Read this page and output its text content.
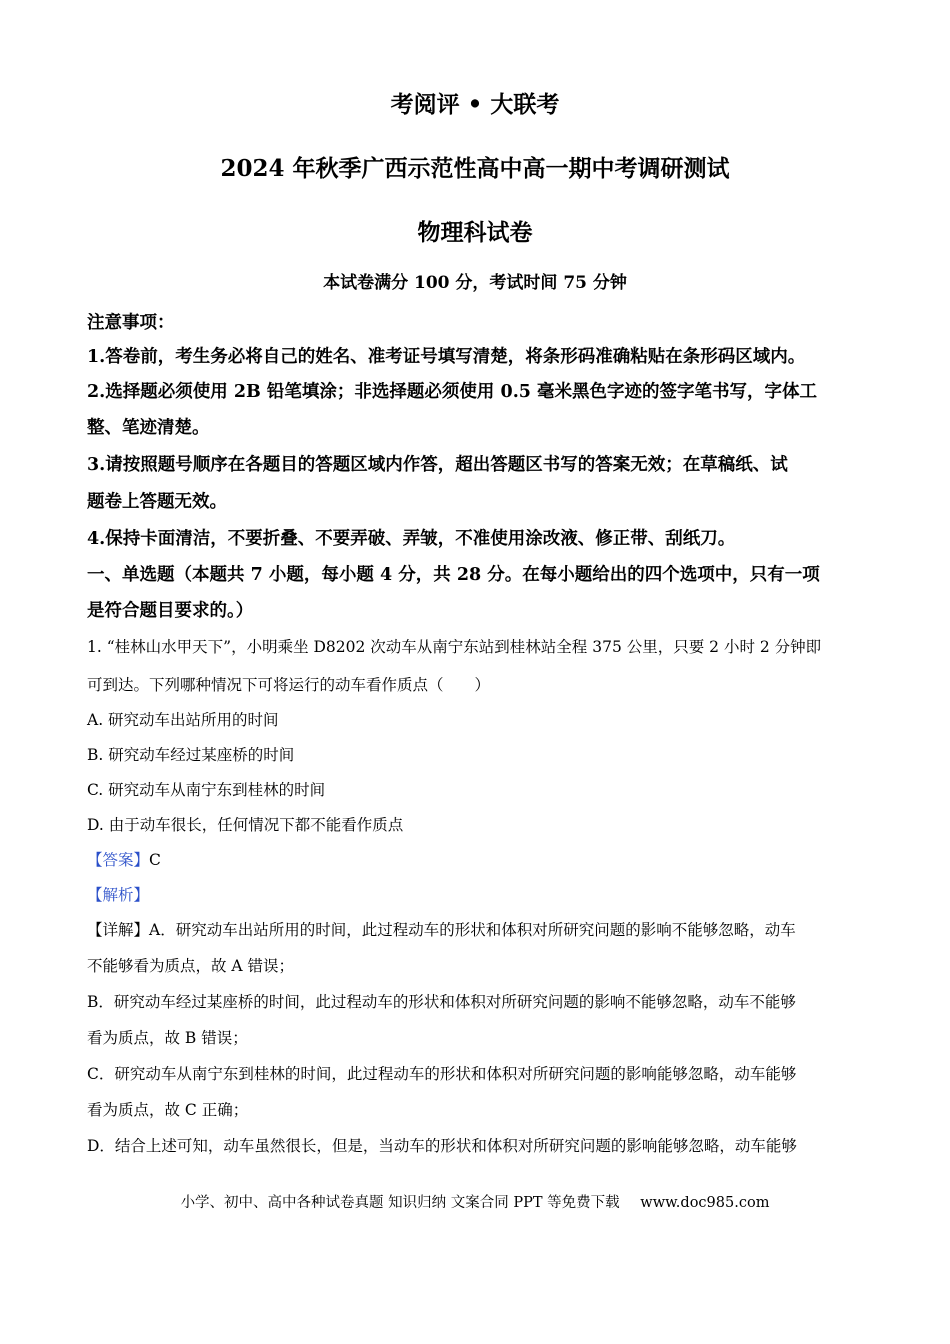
考阅评 • 大联考
2024 年秋季广西示范性高中高一期中考调研测试
物理科试卷
本试卷满分 100 分，考试时间 75 分钟
注意事项：
1.答卷前，考生务必将自己的姓名、准考证号填写清楚，将条形码准确粘贴在条形码区域内。
2.选择题必须使用 2B 铅笔填涂；非选择题必须使用 0.5 毫米黑色字迹的签字笔书写，字体工
整、笔迹清楚。
3.请按照题号顺序在各题目的答题区域内作答，超出答题区书写的答案无效；在草稿纸、试
题卷上答题无效。
4.保持卡面清洁，不要折叠、不要弄破、弄皱，不准使用涂改液、修正带、刮纸刀。
一、单选题（本题共 7 小题，每小题 4 分，共 28 分。在每小题给出的四个选项中，只有一项
是符合题目要求的。）
1. “桂林山水甲天下”，小明乘坐 D8202 次动车从南宁东站到桂林站全程 375 公里，只要 2 小时 2 分钟即
可到达。下列哪种情况下可将运行的动车看作质点（　　）
A. 研究动车出站所用的时间
B. 研究动车经过某座桥的时间
C. 研究动车从南宁东到桂林的时间
D. 由于动车很长，任何情况下都不能看作质点
【答案】C
【解析】
【详解】A．研究动车出站所用的时间，此过程动车的形状和体积对所研究问题的影响不能够忽略，动车
不能够看为质点，故 A 错误；
B．研究动车经过某座桥的时间，此过程动车的形状和体积对所研究问题的影响不能够忽略，动车不能够
看为质点，故 B 错误；
C．研究动车从南宁东到桂林的时间，此过程动车的形状和体积对所研究问题的影响能够忽略，动车能够
看为质点，故 C 正确；
D．结合上述可知，动车虽然很长，但是，当动车的形状和体积对所研究问题的影响能够忽略，动车能够
小学、初中、高中各种试卷真题 知识归纳 文案合同 PPT 等免费下载 www.doc985.com
